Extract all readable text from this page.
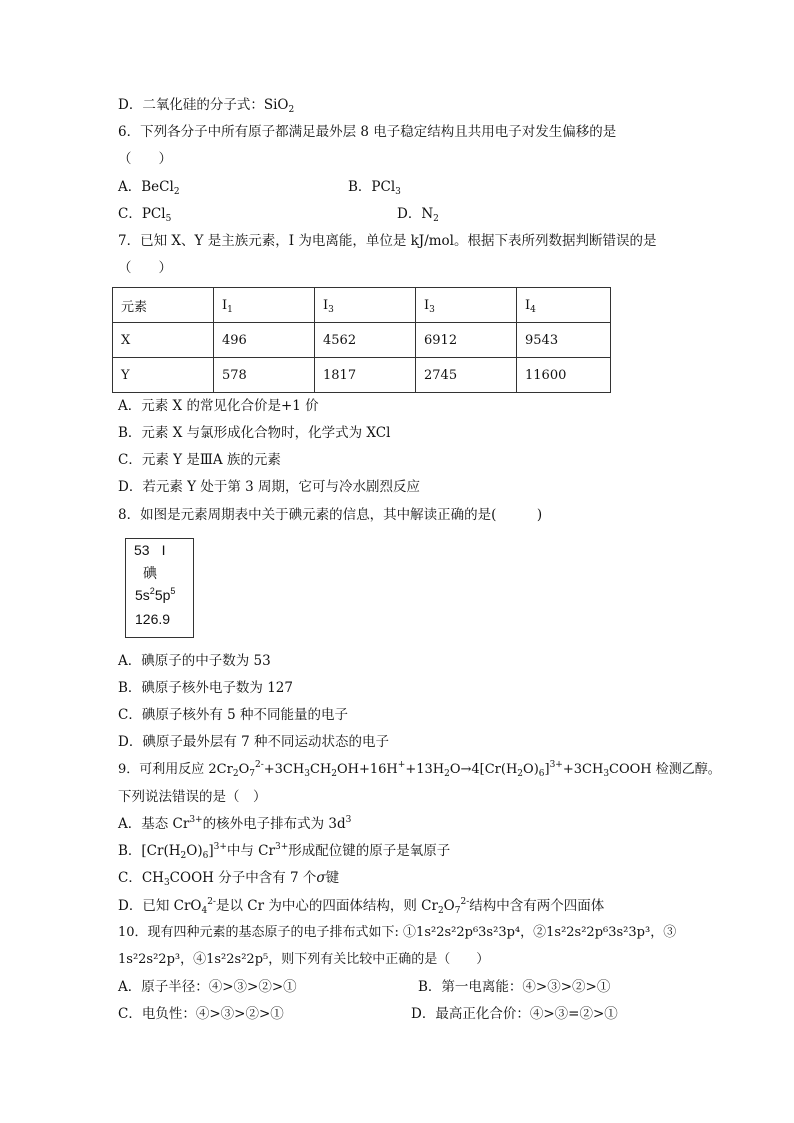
D．二氧化硅的分子式：SiO$_2$
6．下列各分子中所有原子都满足最外层 8 电子稳定结构且共用电子对发生偏移的是
（　　）
A．BeCl$_2$	B．PCl$_3$
C．PCl$_5$	D．$N_2$
7．已知 X、Y 是主族元素，I 为电离能，单位是 kJ/mol。根据下表所列数据判断错误的是
（　　）
元素	$I_1$	$I_3$	$I_3$	$I_4$
X	496	4562	6912	9543
Y	578	1817	2745	11600
A．元素 X 的常见化合价是+1 价
B．元素 X 与氯形成化合物时，化学式为 XCl
C．元素 Y 是ⅢA 族的元素
D．若元素 Y 处于第 3 周期，它可与冷水剧烈反应
8．如图是元素周期表中关于碘元素的信息，其中解读正确的是(　　　)
53 I
碘
$5s^25p^5$
126.9
A．碘原子的中子数为 53
B．碘原子核外电子数为 127
C．碘原子核外有 5 种不同能量的电子
D．碘原子最外层有 7 种不同运动状态的电子
9．可利用反应 $2Cr_2O_7^{2-}+3CH_3CH_2OH+16H^++13H_2O\to 4[Cr(H_2O)_6]^{3+}+3CH_3COOH$ 检测乙醇。
下列说法错误的是（　）
A．基态 $Cr^{3+}$的核外电子排布式为 $3d^3$
B．$[Cr(H_2O)_6]^{3+}$中与 $Cr^{3+}$形成配位键的原子是氧原子
C．$CH_3COOH$ 分子中含有 7 个σ键
D．已知 CrO$_4^{2-}$是以 Cr 为中心的四面体结构，则 $Cr_2O_7^{2-}$结构中含有两个四面体
10．现有四种元素的基态原子的电子排布式如下: ①1s²2s²2p⁶3s²3p⁴，②1s²2s²2p⁶3s²3p³，③
1s²2s²2p³，④1s²2s²2p⁵，则下列有关比较中正确的是（　　）
A．原子半径：④>③>②>①	B．第一电离能：④>③>②>①
C．电负性：④>③>②>①	D．最高正化合价：④>③=②>①
